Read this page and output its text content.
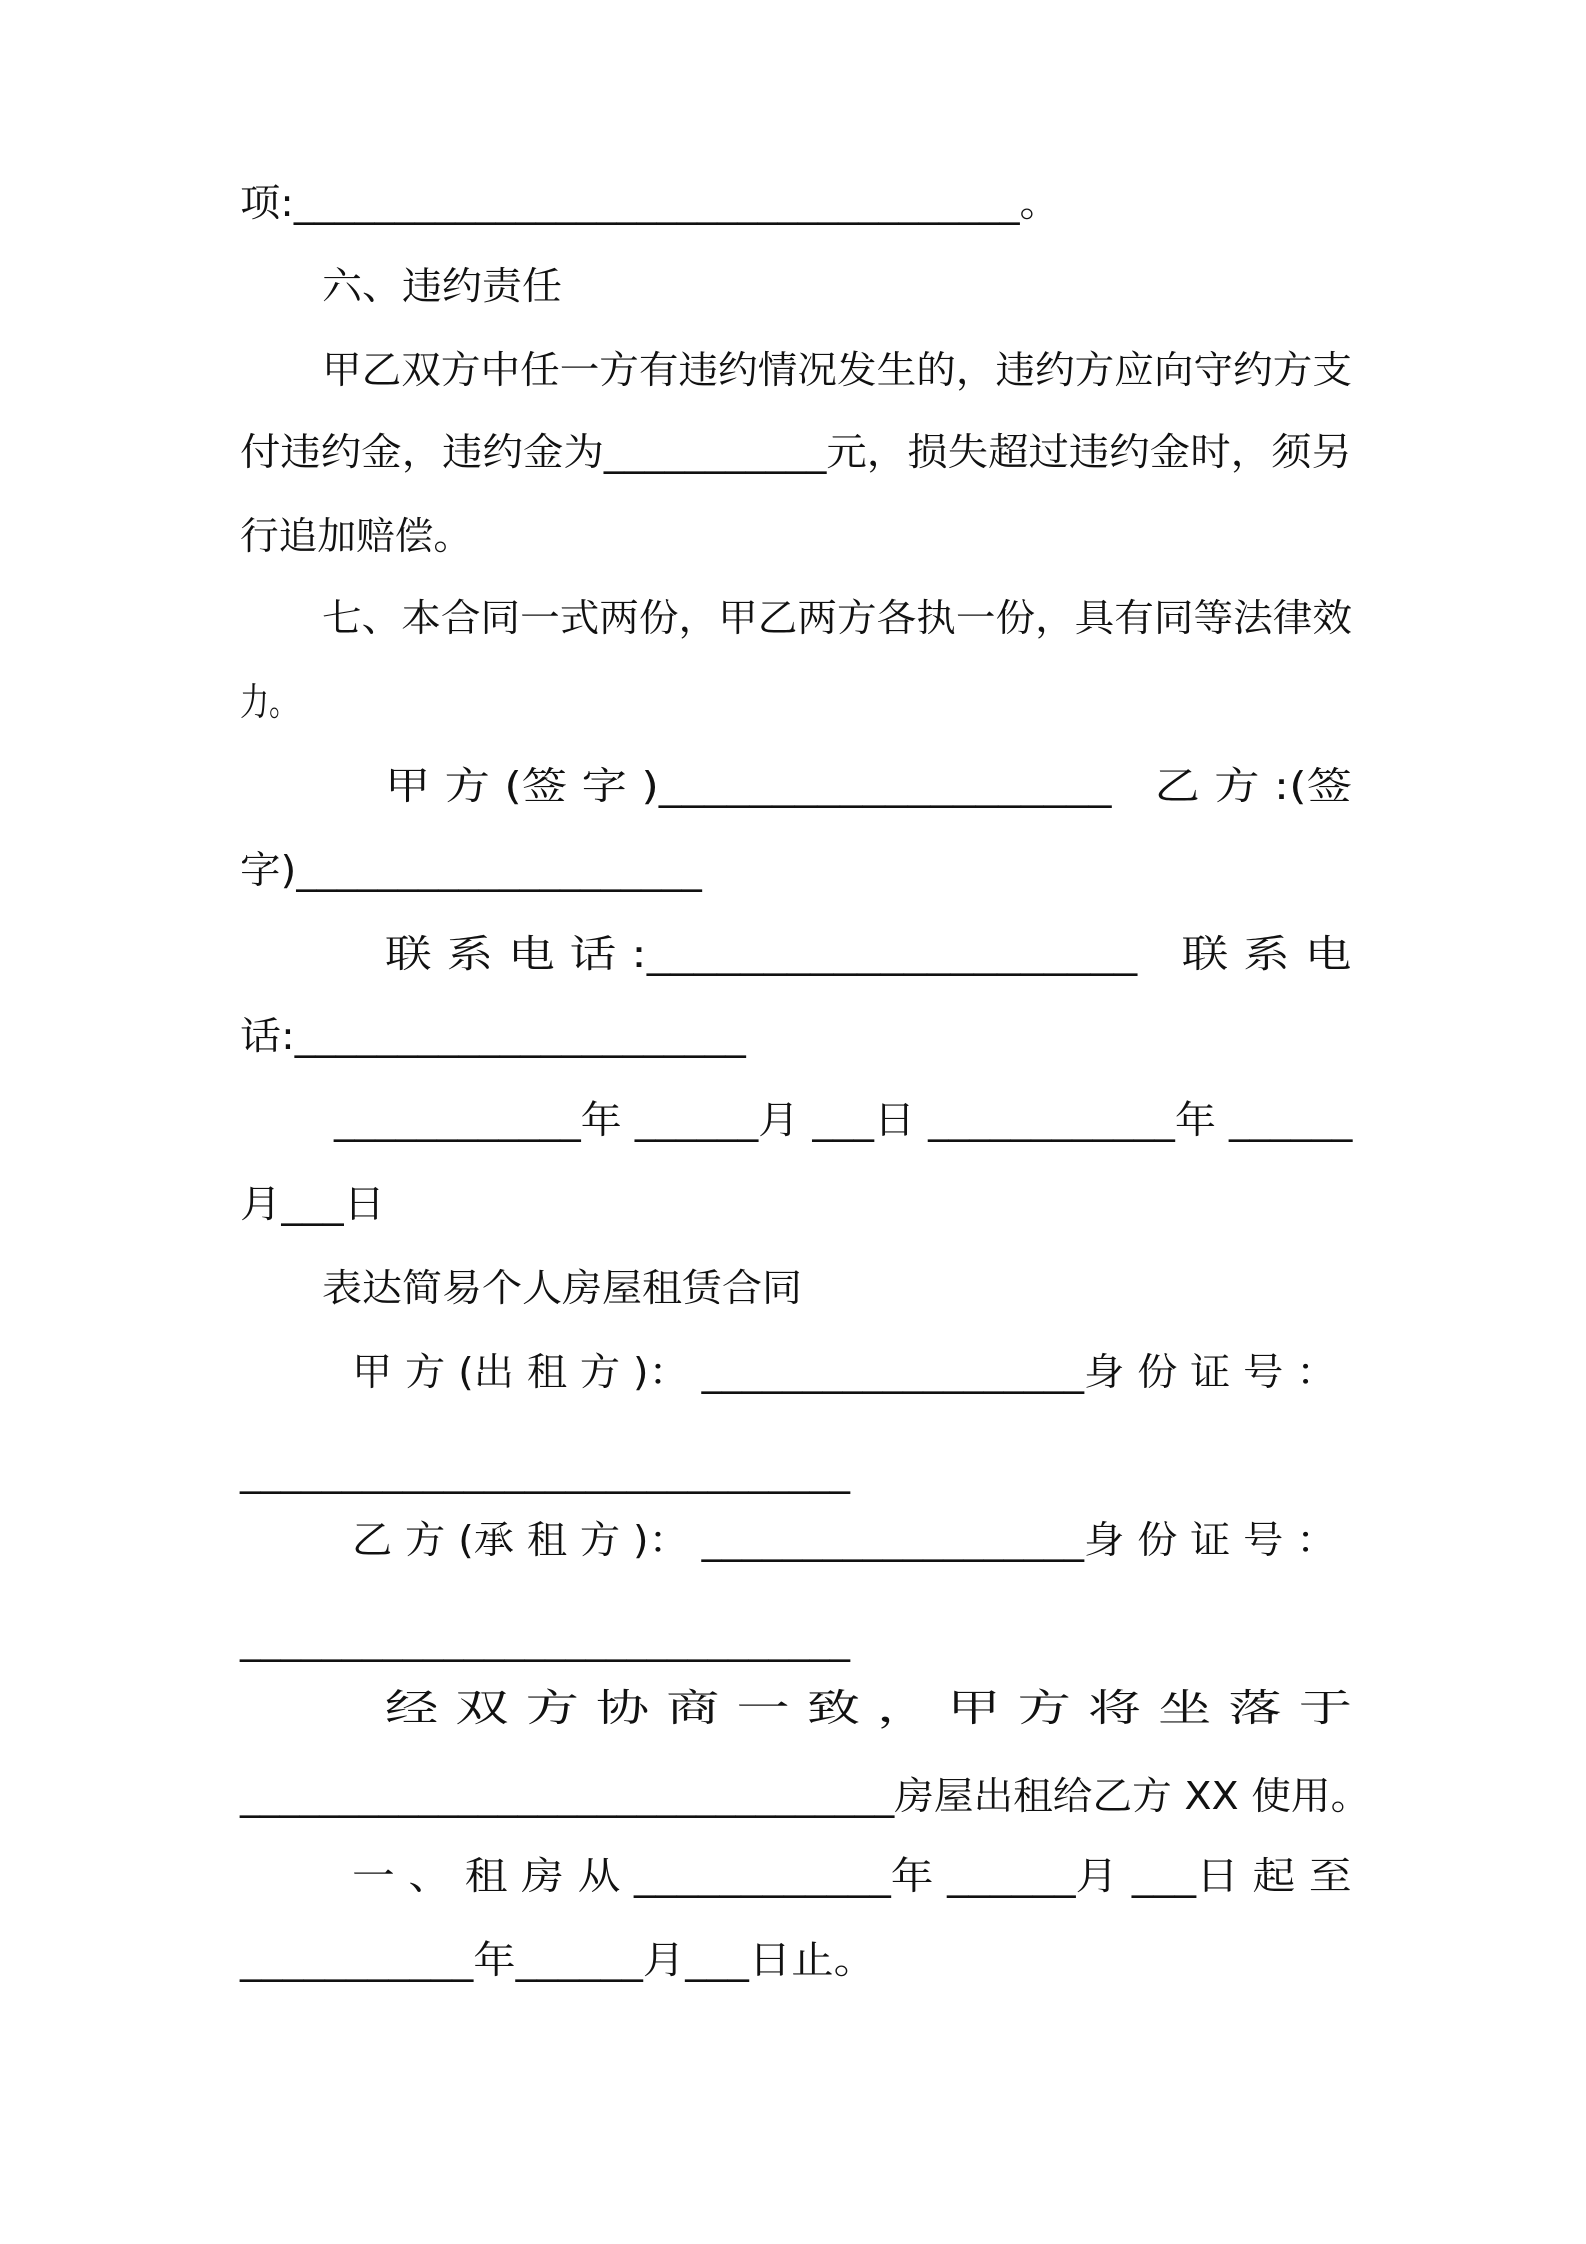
项:____________________________________。
六、违约责任
甲乙双方中任一方有违约情况发生的，违约方应向守约方支
付违约金，违约金为___________元，损失超过违约金时，须另
行追加赔偿。
七、本合同一式两份，甲乙两方各执一份，具有同等法律效
力。
甲 方 (签 字 )____________________   乙 方 :(签
字)____________________
联 系 电 话 :_____________________   联 系 电
话:______________________
____________年 ______月 ___日 ____________年 ______
月___日
表达简易个人房屋租赁合同
甲 方 (出 租 方 )： ___________________身 份 证 号 ：
______________________________
乙 方 (承 租 方 )： ___________________身 份 证 号 ：
______________________________
经 双 方 协 商 一 致 ， 甲 方 将 坐 落 于
_________________________________房屋出租给乙方 XX 使用。
一 、 租 房 从 ____________年 ______月 ___日 起 至
___________年______月___日止。
